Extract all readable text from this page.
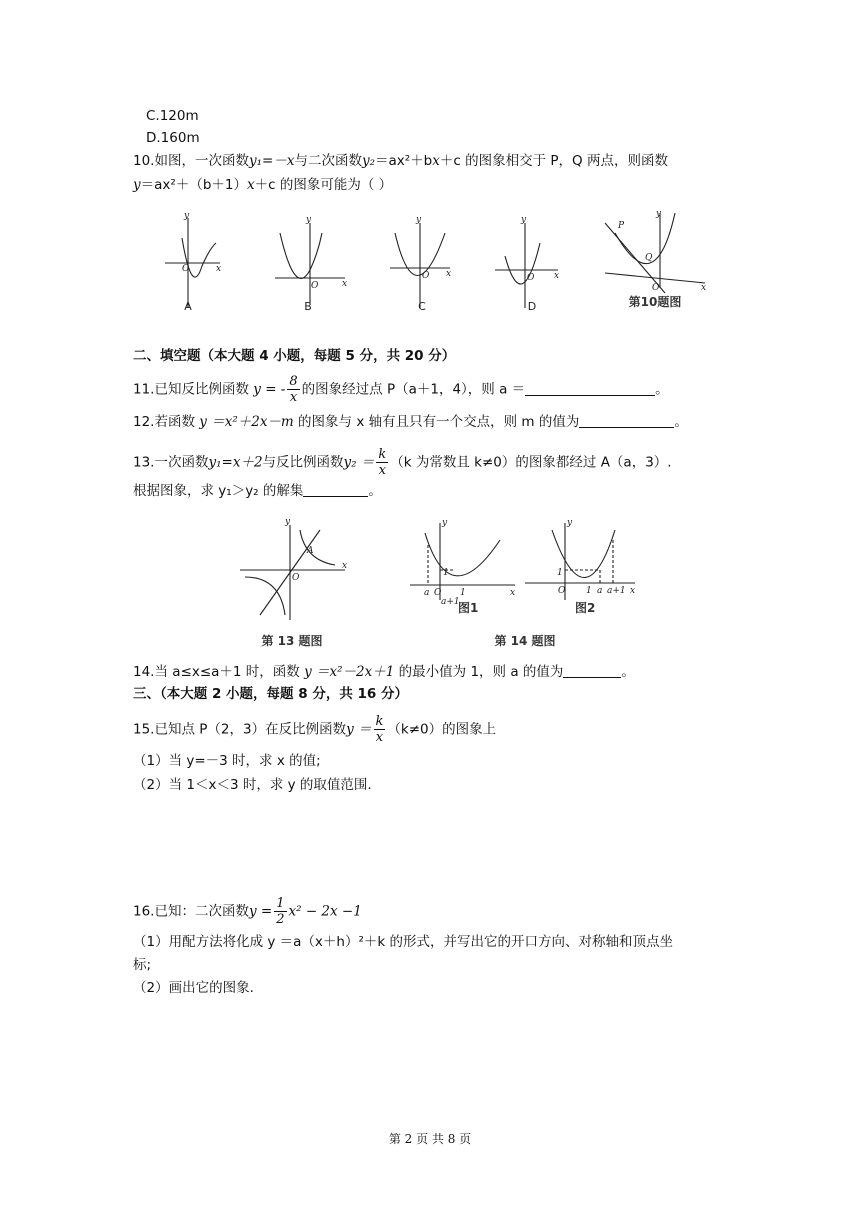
C.120m
D.160m
10.如图，一次函数y₁=－x与二次函数y₂＝ax²＋bx＋c 的图象相交于 P，Q 两点，则函数
y＝ax²＋（b＋1）x＋c 的图象可能为（ ）
O	x
y
O	x
y
O x
y
O x
y
P
Q
O	x
y
A	B	C	D	第10题图
二、填空题（本大题 4 小题，每题 5 分，共 20 分）
11.已知反比例函数 y = - $\frac{8}{x}$ 的图象经过点 P（a＋1，4），则 a ＝	。
12.若函数 y ＝x²＋2x－m 的图象与 x 轴有且只有一个交点，则 m 的值为	。
13.一次函数y₁=x＋2与反比例函数$y_2 = \frac{k}{x} (k$ 为常数且 k≠0）的图象都经过 A（a，3）.
根据图象，求 y₁＞y₂ 的解集	。
O
A
x
y
a O
a+1
1
1	x
y
O
1
1 a a+1 x
y
图1	图2
第 13 题图	第 14 题图
14.当 a≤x≤a＋1 时，函数 y ＝x²－2x＋1 的最小值为 1，则 a 的值为	。
三、（本大题 2 小题，每题 8 分，共 16 分）
15.已知点 P（2，3）在反比例函数$y = \frac{k}{x} (k\ne 0)$的图象上
（1）当 y=－3 时，求 x 的值;
（2）当 1＜x＜3 时，求 y 的取值范围.
16.已知：二次函数$y = \frac{1}{2} x^2 - 2x -1$
（1）用配方法将化成 y ＝a（x＋h）²＋k 的形式，并写出它的开口方向、对称轴和顶点坐
标;
（2）画出它的图象.
第 2 页 共 8 页
